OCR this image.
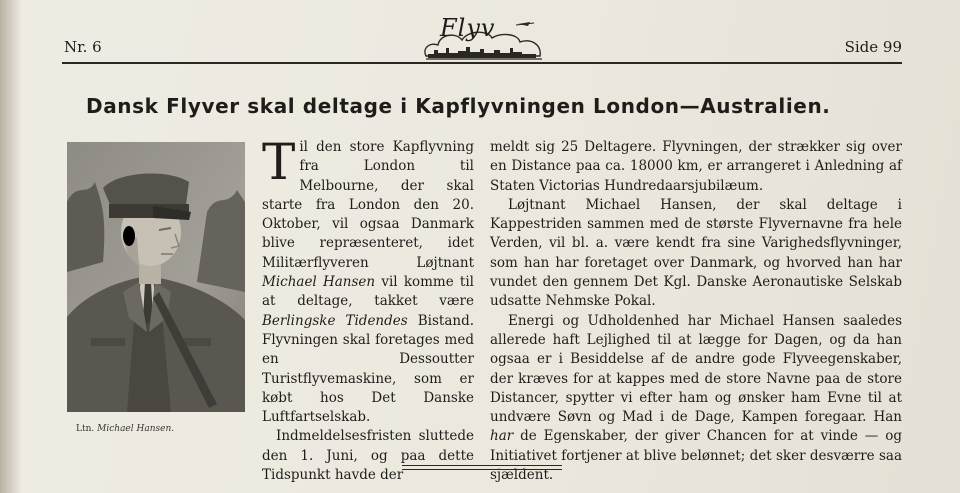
Nr. 6
Flyv
Side 99
Dansk Flyver skal deltage i Kapflyvningen London—Australien.
Ltn. Michael Hansen.

Til den store Kapflyvning fra London til Melbourne, der skal starte fra London den 20. Oktober, vil ogsaa Danmark blive repræsenteret, idet Militærflyveren Løjtnant Michael Hansen vil komme til at deltage, takket være Berlingske Tidendes Bistand. Flyvningen skal foretages med en Dessoutter Turistflyvemaskine, som er købt hos Det Danske Luftfartselskab.

Indmeldelsesfristen sluttede den 1. Juni, og paa dette Tidspunkt havde der

meldt sig 25 Deltagere. Flyvningen, der strækker sig over en Distance paa ca. 18000 km, er arrangeret i Anledning af Staten Victorias Hundredaarsjubilæum.

Løjtnant Michael Hansen, der skal deltage i Kappestriden sammen med de største Flyvernavne fra hele Verden, vil bl. a. være kendt fra sine Varighedsflyvninger, som han har foretaget over Danmark, og hvorved han har vundet den gennem Det Kgl. Danske Aeronautiske Selskab udsatte Nehmske Pokal.

Energi og Udholdenhed har Michael Hansen saaledes allerede haft Lejlighed til at lægge for Dagen, og da han ogsaa er i Besiddelse af de andre gode Flyveegenskaber, der kræves for at kappes med de store Navne paa de store Distancer, spytter vi efter ham og ønsker ham Evne til at undvære Søvn og Mad i de Dage, Kampen foregaar. Han har de Egenskaber, der giver Chancen for at vinde — og Initiativet fortjener at blive belønnet; det sker desværre saa sjældent.
